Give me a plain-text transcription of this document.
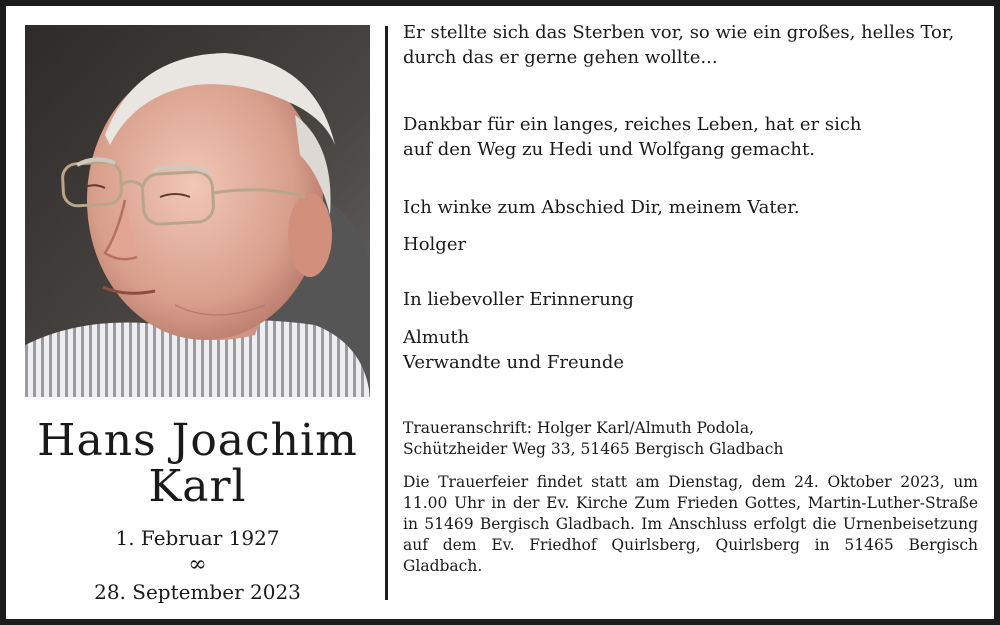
Hans Joachim
Karl
1. Februar 1927
∞
28. September 2023

Er stellte sich das Sterben vor, so wie ein großes, helles Tor,

durch das er gerne gehen wollte...

Dankbar für ein langes, reiches Leben, hat er sich

auf den Weg zu Hedi und Wolfgang gemacht.

Ich winke zum Abschied Dir, meinem Vater.

Holger

In liebevoller Erinnerung

Almuth

Verwandte und Freunde

Traueranschrift: Holger Karl/Almuth Podola,

Schützheider Weg 33, 51465 Bergisch Gladbach

Die Trauerfeier findet statt am Dienstag, dem 24. Oktober 2023, um 11.00 Uhr in der Ev. Kirche Zum Frieden Gottes, Martin-Luther-Straße in 51469 Bergisch Gladbach. Im Anschluss erfolgt die Urnenbeisetzung auf dem Ev. Friedhof Quirlsberg, Quirlsberg in 51465 Bergisch Gladbach.
